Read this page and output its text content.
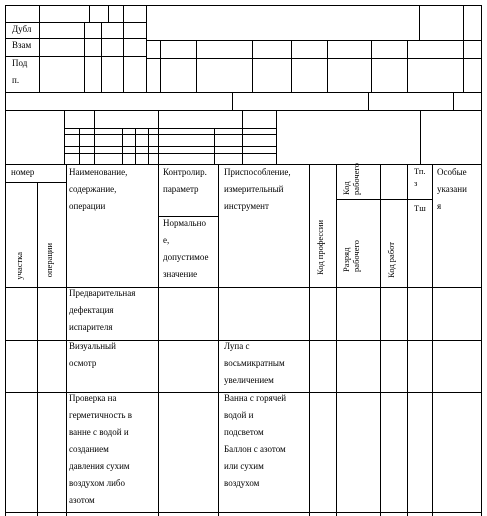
Дубл
Взам
Под
п.
номер
участка операции
Наименование,
содержание,
операции
Контролир.
параметр
Нормально
е,
допустимое
значение
Приспособление,
измерительный
инструмент
Код профессии
Код
рабочего
Разряд
рабочего	Код работ
Тп.
з
Тш
Особые
указани
я
Предварительная
дефектация
испарителя
Визуальный
осмотр
Лупа с
восьмикратным
увеличением
Проверка на
герметичность в
ванне с водой и
созданием
давления сухим
воздухом либо
азотом
Ванна с горячей
водой и
подсветом
Баллон с азотом
или сухим
воздухом
